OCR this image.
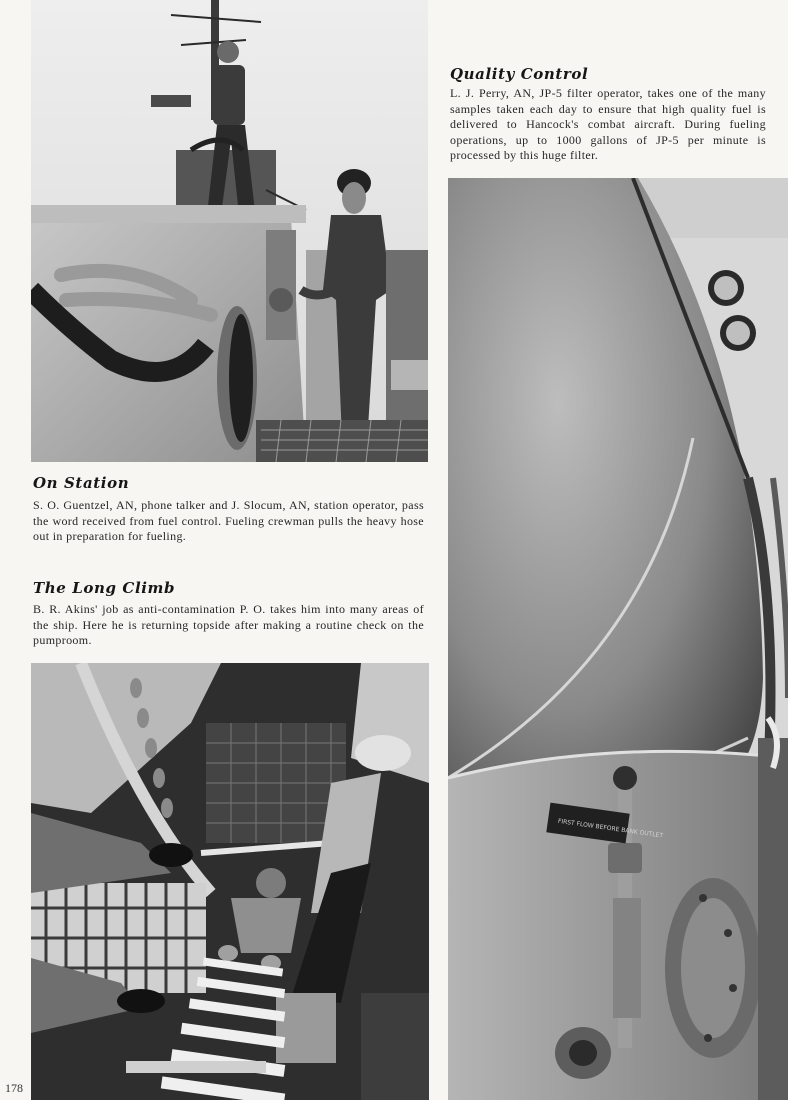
On Station

S. O. Guentzel, AN, phone talker and J. Slocum, AN, station operator, pass the word received from fuel control. Fueling crewman pulls the heavy hose out in preparation for fueling.

The Long Climb

B. R. Akins' job as anti-contamination P. O. takes him into many areas of the ship. Here he is returning topside after making a routine check on the pumproom.

Quality Control

L. J. Perry, AN, JP-5 filter operator, takes one of the many samples taken each day to ensure that high quality fuel is delivered to Hancock's combat aircraft. During fueling operations, up to 1000 gallons of JP-5 per minute is processed by this huge filter.

FIRST FLOW BEFORE BANK OUTLET
178
